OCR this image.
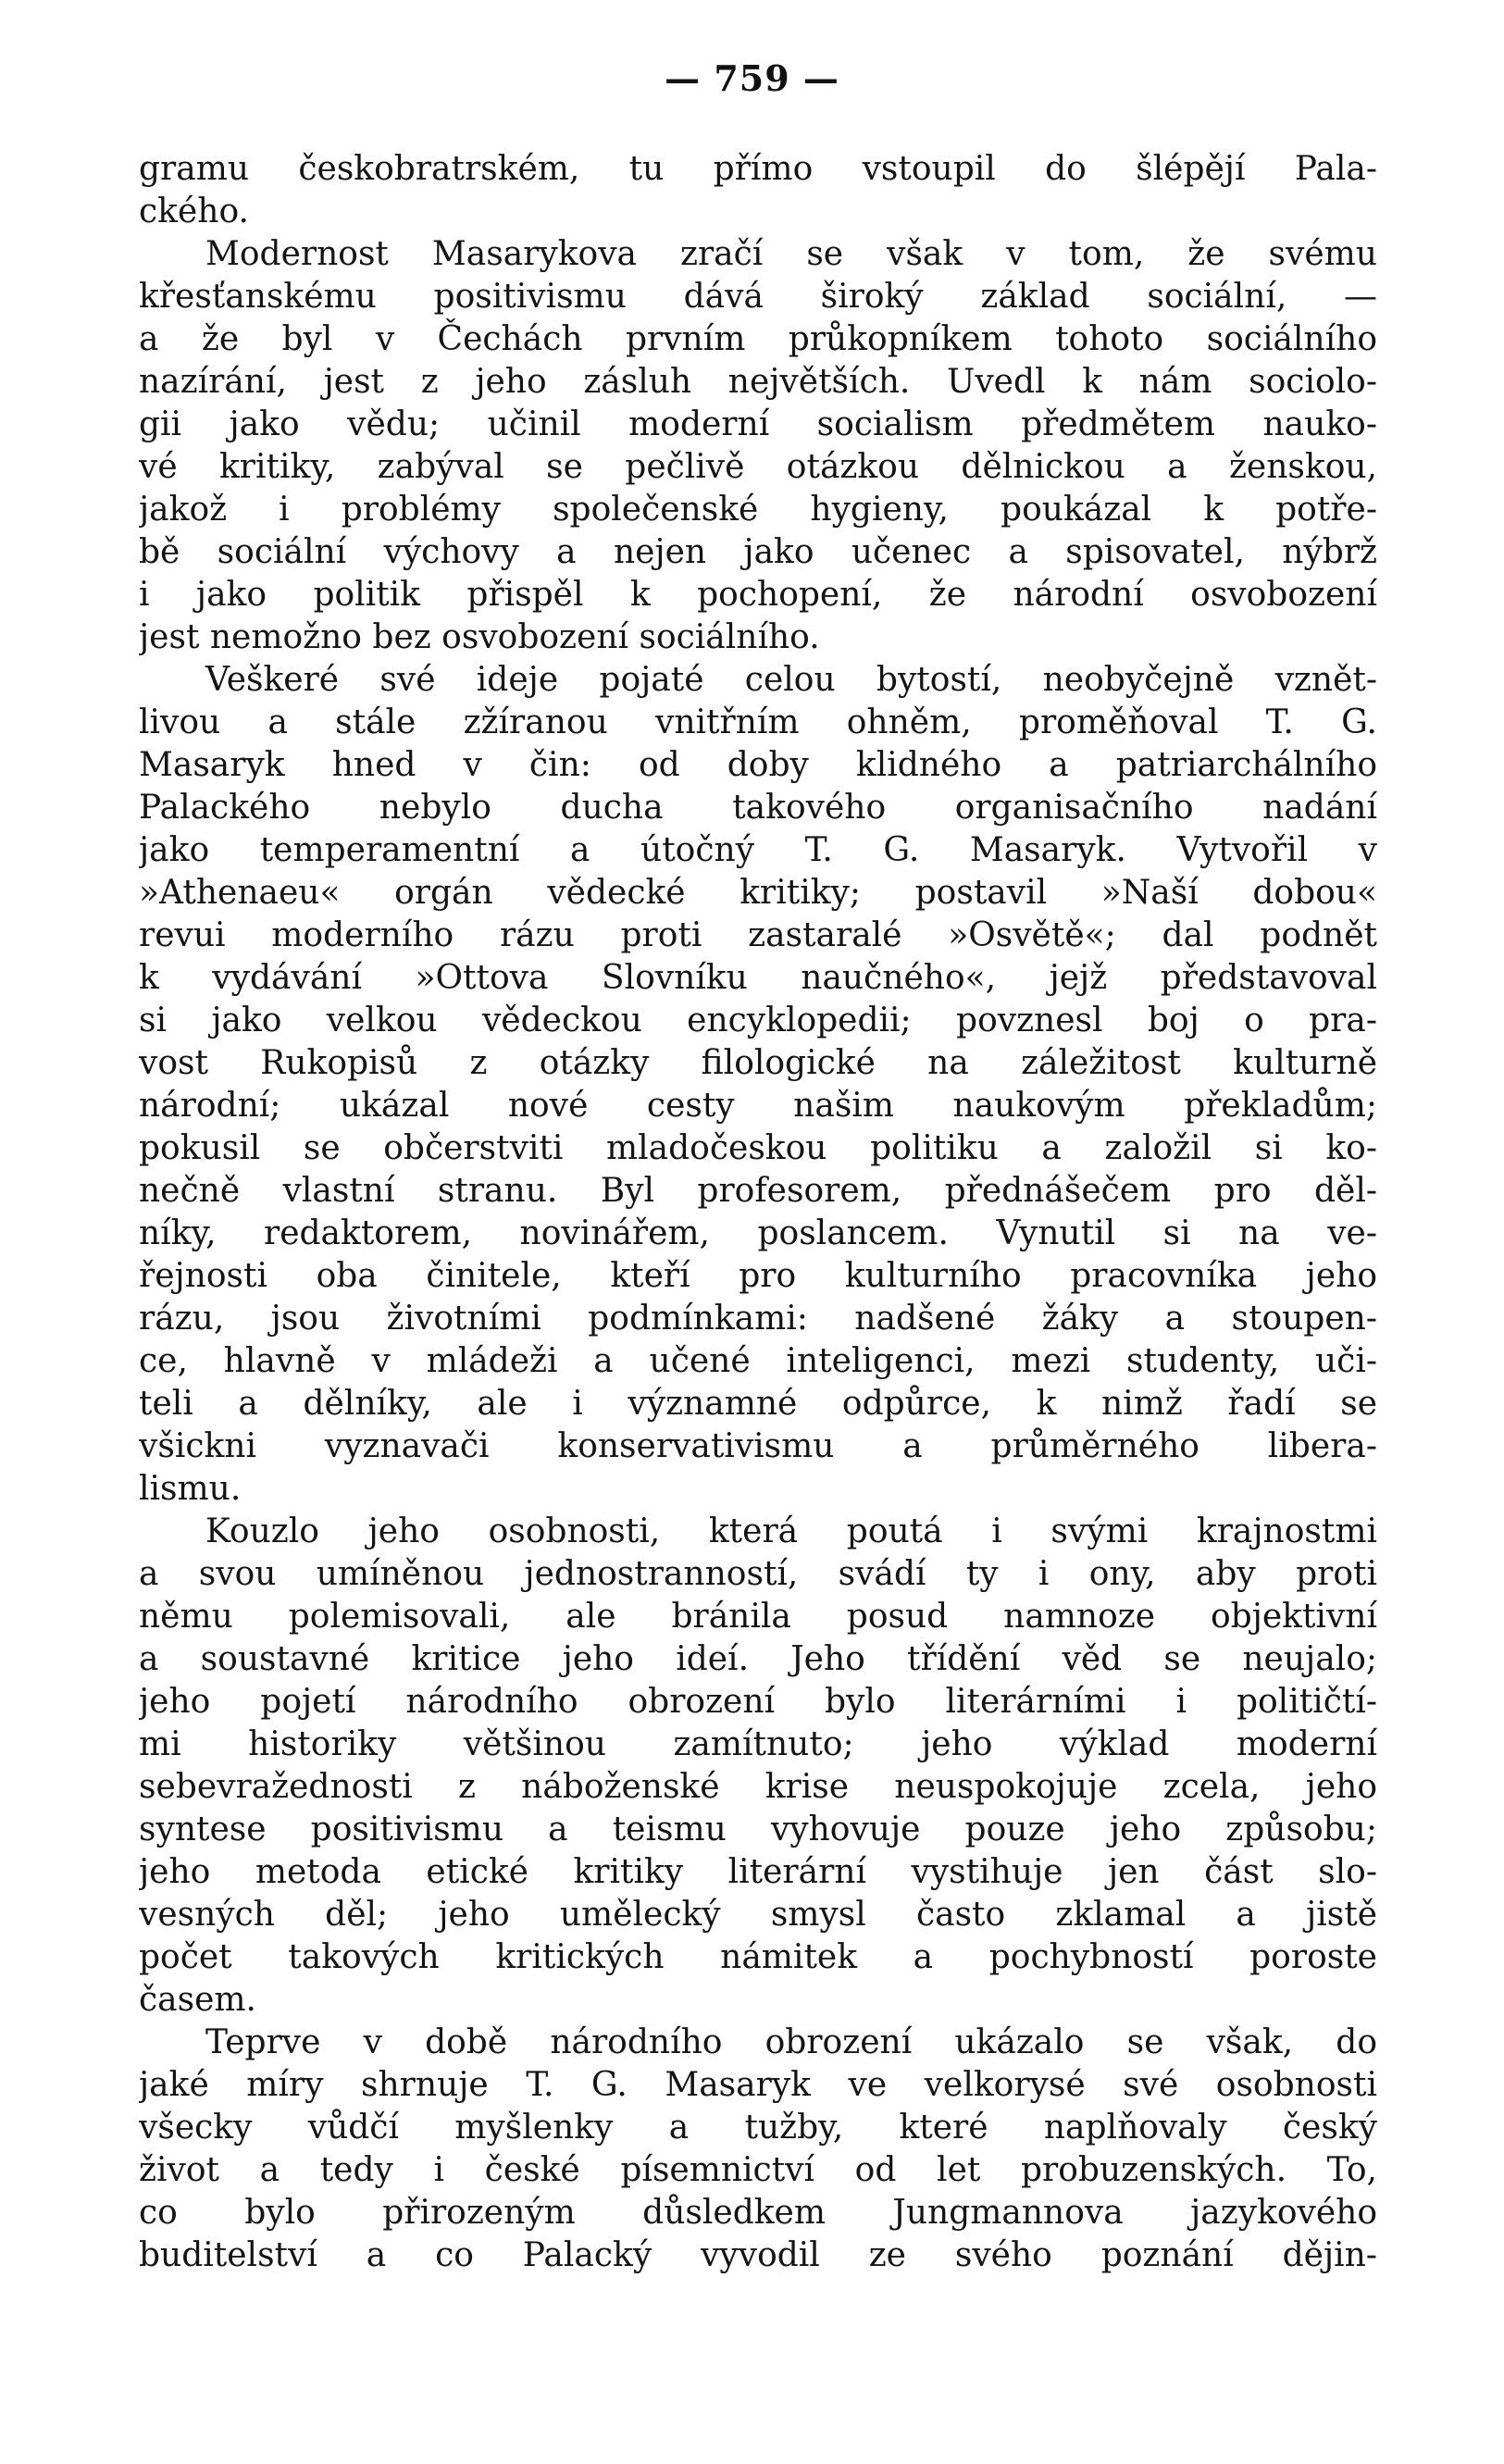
— 759 —
gramu českobratrském, tu přímo vstoupil do šlépějí Pala-
ckého.
Modernost Masarykova zračí se však v tom, že svému
křesťanskému positivismu dává široký základ sociální, —
a že byl v Čechách prvním průkopníkem tohoto sociálního
nazírání, jest z jeho zásluh největších. Uvedl k nám sociolo-
gii jako vědu; učinil moderní socialism předmětem nauko-
vé kritiky, zabýval se pečlivě otázkou dělnickou a ženskou,
jakož i problémy společenské hygieny, poukázal k potře-
bě sociální výchovy a nejen jako učenec a spisovatel, nýbrž
i jako politik přispěl k pochopení, že národní osvobození
jest nemožno bez osvobození sociálního.
Veškeré své ideje pojaté celou bytostí, neobyčejně vznět-
livou a stále zžíranou vnitřním ohněm, proměňoval T. G.
Masaryk hned v čin: od doby klidného a patriarchálního
Palackého nebylo ducha takového organisačního nadání
jako temperamentní a útočný T. G. Masaryk. Vytvořil v
»Athenaeu« orgán vědecké kritiky; postavil »Naší dobou«
revui moderního rázu proti zastaralé »Osvětě«; dal podnět
k vydávání »Ottova Slovníku naučného«, jejž představoval
si jako velkou vědeckou encyklopedii; povznesl boj o pra-
vost Rukopisů z otázky filologické na záležitost kulturně
národní; ukázal nové cesty našim naukovým překladům;
pokusil se občerstviti mladočeskou politiku a založil si ko-
nečně vlastní stranu. Byl profesorem, přednášečem pro děl-
níky, redaktorem, novinářem, poslancem. Vynutil si na ve-
řejnosti oba činitele, kteří pro kulturního pracovníka jeho
rázu, jsou životními podmínkami: nadšené žáky a stoupen-
ce, hlavně v mládeži a učené inteligenci, mezi studenty, uči-
teli a dělníky, ale i významné odpůrce, k nimž řadí se
všickni vyznavači konservativismu a průměrného libera-
lismu.
Kouzlo jeho osobnosti, která poutá i svými krajnostmi
a svou umíněnou jednostranností, svádí ty i ony, aby proti
němu polemisovali, ale bránila posud namnoze objektivní
a soustavné kritice jeho ideí. Jeho třídění věd se neujalo;
jeho pojetí národního obrození bylo literárními i političtí-
mi historiky většinou zamítnuto; jeho výklad moderní
sebevražednosti z náboženské krise neuspokojuje zcela, jeho
syntese positivismu a teismu vyhovuje pouze jeho způsobu;
jeho metoda etické kritiky literární vystihuje jen část slo-
vesných děl; jeho umělecký smysl často zklamal a jistě
počet takových kritických námitek a pochybností poroste
časem.
Teprve v době národního obrození ukázalo se však, do
jaké míry shrnuje T. G. Masaryk ve velkorysé své osobnosti
všecky vůdčí myšlenky a tužby, které naplňovaly český
život a tedy i české písemnictví od let probuzenských. To,
co bylo přirozeným důsledkem Jungmannova jazykového
buditelství a co Palacký vyvodil ze svého poznání dějin-
